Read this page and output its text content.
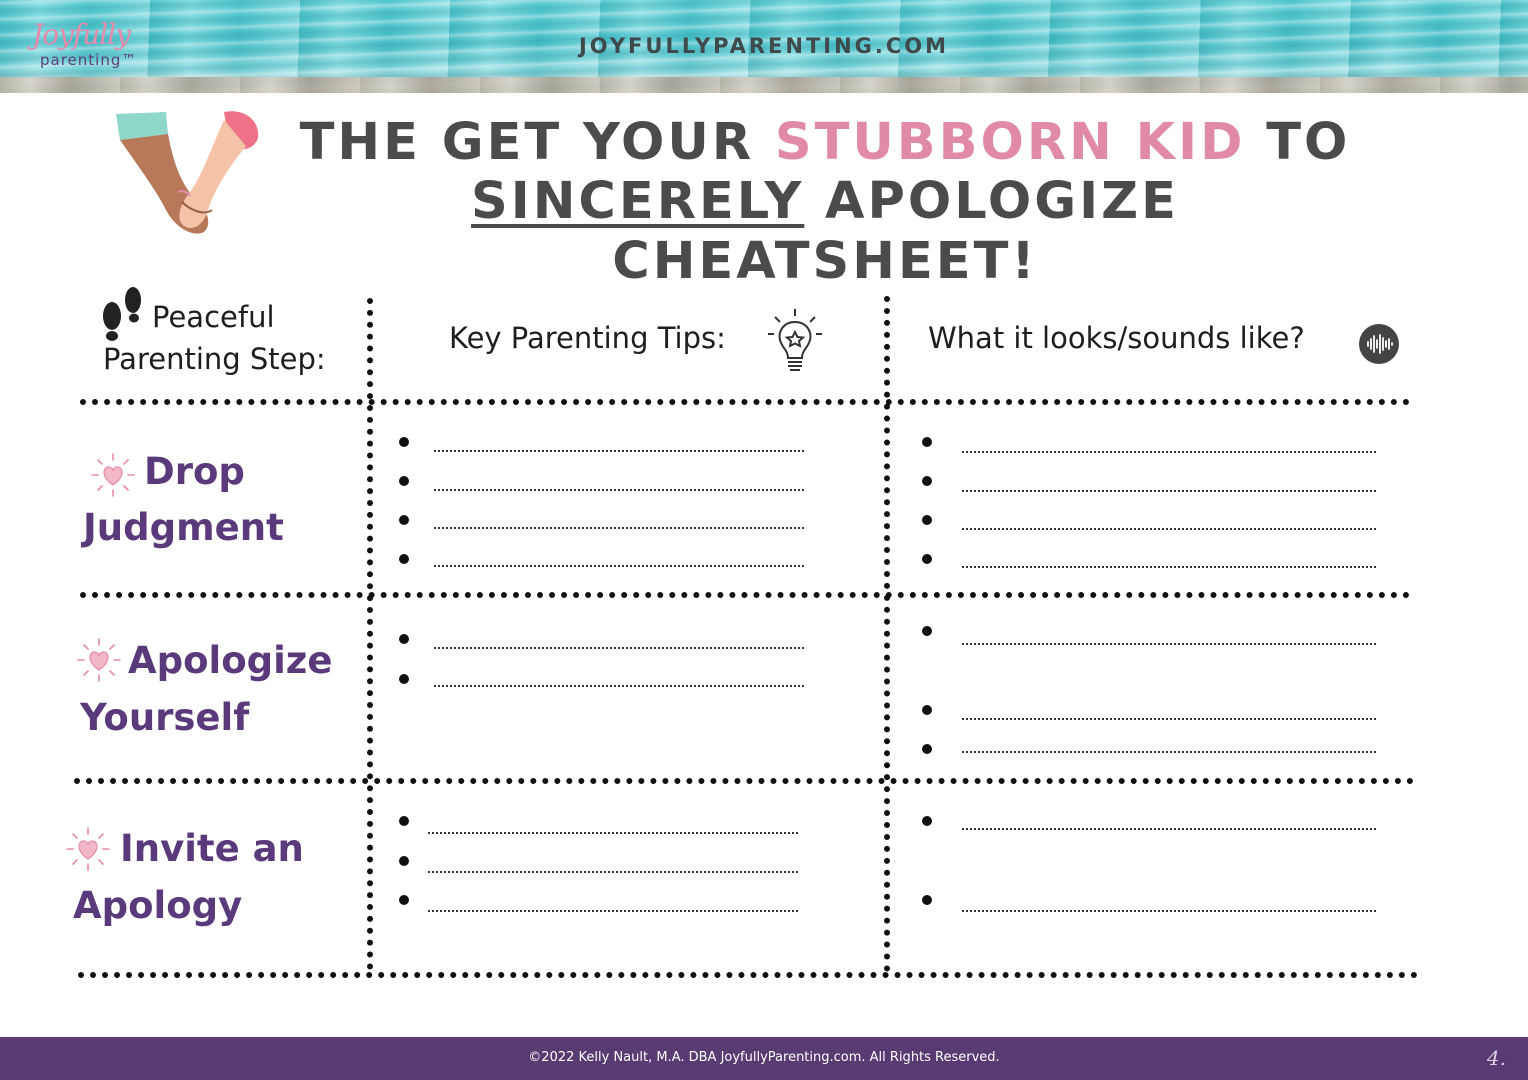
Joyfully
parenting™
JOYFULLYPARENTING.COM
THE GET YOUR STUBBORN KID TO
SINCERELY APOLOGIZE CHEATSHEET!
Peaceful
Parenting Step:
Key Parenting Tips:	What it looks/sounds like?
Drop
Judgment
Apologize
Yourself
Invite an
Apology
©2022 Kelly Nault, M.A. DBA JoyfullyParenting.com. All Rights Reserved.	4.
